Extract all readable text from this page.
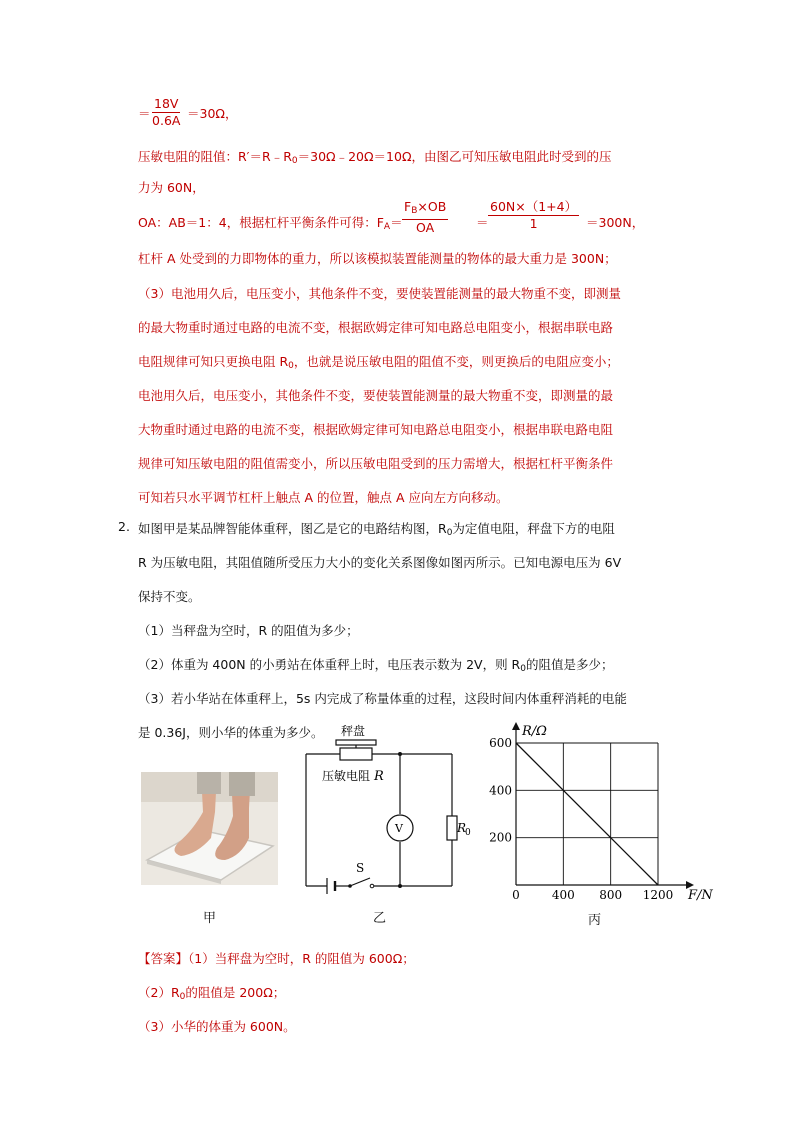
＝ $\frac{18V}{0.6A} =30\Omega$，
压敏电阻的阻值：$R'=R﹣R_0=30\Omega﹣20\Omega=10\Omega$，由图乙可知压敏电阻此时受到的压
力为 60N，
OA：AB＝1：4，根据杠杆平衡条件可得：$F_A= \frac{F_B\times OB}{OA} = \frac{60N\times(1+4)}{1} =300N$，
杠杆 A 处受到的力即物体的重力，所以该模拟装置能测量的物体的最大重力是 300N；
（3）电池用久后，电压变小，其他条件不变，要使装置能测量的最大物重不变，即测量
的最大物重时通过电路的电流不变，根据欧姆定律可知电路总电阻变小，根据串联电路
电阻规律可知只更换电阻 $R_0$，也就是说压敏电阻的阻值不变，则更换后的电阻应变小；
电池用久后，电压变小，其他条件不变，要使装置能测量的最大物重不变，即测量的最
大物重时通过电路的电流不变，根据欧姆定律可知电路总电阻变小，根据串联电路电阻
规律可知压敏电阻的阻值需变小，所以压敏电阻受到的压力需增大，根据杠杆平衡条件
可知若只水平调节杠杆上触点 A 的位置，触点 A 应向左方向移动。
2. 如图甲是某品牌智能体重秤，图乙是它的电路结构图，$R_0$为定值电阻，秤盘下方的电阻
R 为压敏电阻，其阻值随所受压力大小的变化关系图像如图丙所示。已知电源电压为 6V
保持不变。
（1）当秤盘为空时，R 的阻值为多少；
（2）体重为 400N 的小勇站在体重秤上时，电压表示数为 2V，则 $R_0$的阻值是多少；
（3）若小华站在体重秤上，5s 内完成了称量体重的过程，这段时间内体重秤消耗的电能
是 0.36J，则小华的体重为多少。
甲
秤盘
压敏电阻 R
V	R
0
S
乙
0	400 800 1200
200
400
600
R/Ω
F/N
丙
【答案】（1）当秤盘为空时，R 的阻值为 600Ω；
$(2)R_0$的阻值是 200Ω；
（3）小华的体重为 600N。
